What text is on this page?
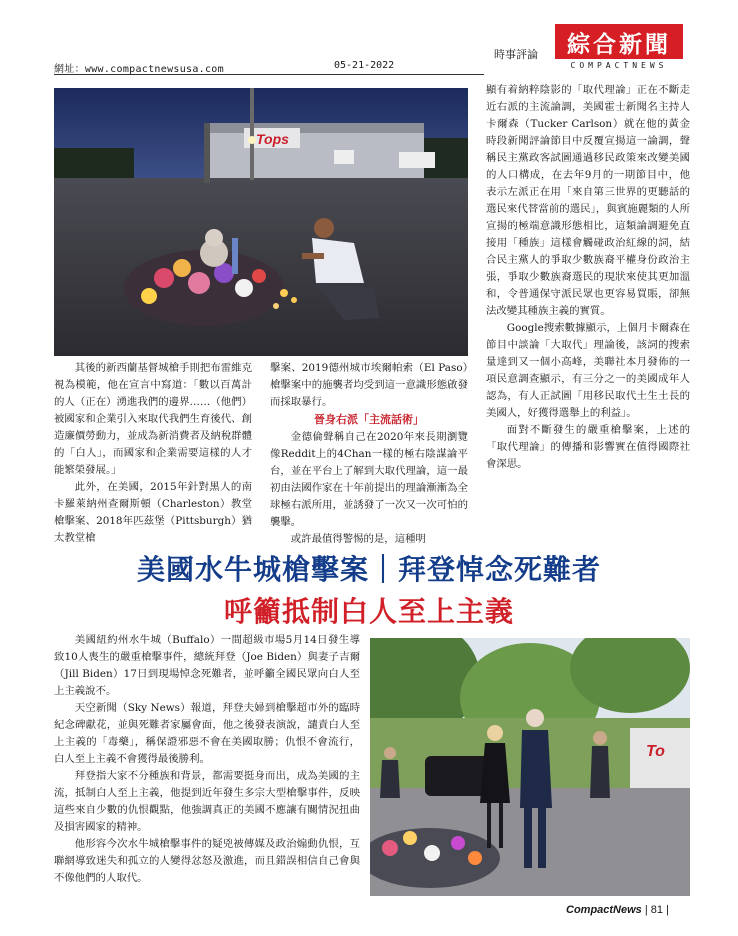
網址：www.compactnewsusa.com	05-21-2022
時事評論	綜合新聞
COMPACTNEWS
Tops

其後的新西蘭基督城槍手則把布雷維克視為模範，他在宣言中寫道：「數以百萬計的人（正在）湧進我們的邊界……（他們）被國家和企業引入來取代我們生育後代、創造廉價勞動力，並成為新消費者及納稅群體的「白人」，而國家和企業需要這樣的人才能繁榮發展。」

此外，在美國，2015年針對黑人的南卡羅萊納州查爾斯頓（Charleston）教堂槍擊案、2018年匹茲堡（Pittsburgh）猶太教堂槍

擊案、2019德州城市埃爾帕索（El Paso）槍擊案中的施襲者均受到這一意識形態啟發而採取暴行。

晉身右派「主流話術」

金德倫聲稱自己在2020年來長期瀏覽像Reddit上的4Chan一樣的極右陰謀論平台，並在平台上了解到大取代理論，這一最初由法國作家在十年前提出的理論漸漸為全球極右派所用，並誘發了一次又一次可怕的襲擊。

或許最值得警惕的是，這種明

顯有着納粹陰影的「取代理論」正在不斷走近右派的主流論調，美國霍士新聞名主持人卡爾森（Tucker Carlson）就在他的黃金時段新聞評論節目中反覆宣揚這一論調，聲稱民主黨政客試圖通過移民政策來改變美國的人口構成，在去年9月的一期節目中，他表示左派正在用「來自第三世界的更聽話的選民來代替當前的選民」，與賓施麗類的人所宣揚的極端意識形態相比，這類論調避免直接用「種族」這樣會觸碰政治紅線的詞，結合民主黨人的爭取少數族裔平權身份政治主張，爭取少數族裔選民的現狀來使其更加溫和，令普通保守派民眾也更容易買賬，卻無法改變其種族主義的實質。

Google搜索數據顯示，上個月卡爾森在節目中談論「大取代」理論後，該詞的搜索量達到又一個小高峰，美聯社本月發佈的一項民意調查顯示，有三分之一的美國成年人認為，有人正試圖「用移民取代土生土長的美國人，好獲得選舉上的利益」。

面對不斷發生的嚴重槍擊案，上述的「取代理論」的傳播和影響實在值得國際社會深思。

美國水牛城槍擊案｜拜登悼念死難者
呼籲抵制白人至上主義

美國紐約州水牛城（Buffalo）一間超級市場5月14日發生導致10人喪生的嚴重槍擊事件，總統拜登（Joe Biden）與妻子吉爾（Jill Biden）17日到現場悼念死難者，並呼籲全國民眾向白人至上主義說不。

天空新聞（Sky News）報道，拜登夫婦到槍擊超市外的臨時紀念碑獻花，並與死難者家屬會面，他之後發表演說，譴責白人至上主義的「毒藥」，稱保證邪惡不會在美國取勝；仇恨不會流行，白人至上主義不會獲得最後勝利。

拜登指大家不分種族和背景，都需要挺身而出，成為美國的主流，抵制白人至上主義，他提到近年發生多宗大型槍擊事件，反映這些來自少數的仇恨觀點，他強調真正的美國不應讓有關情況扭曲及損害國家的精神。

他形容今次水牛城槍擊事件的疑兇被傳媒及政治煽動仇恨，互聯網導致迷失和孤立的人變得忿怒及激進，而且錯誤相信自己會與不像他們的人取代。

To
CompactNews | 81 |
